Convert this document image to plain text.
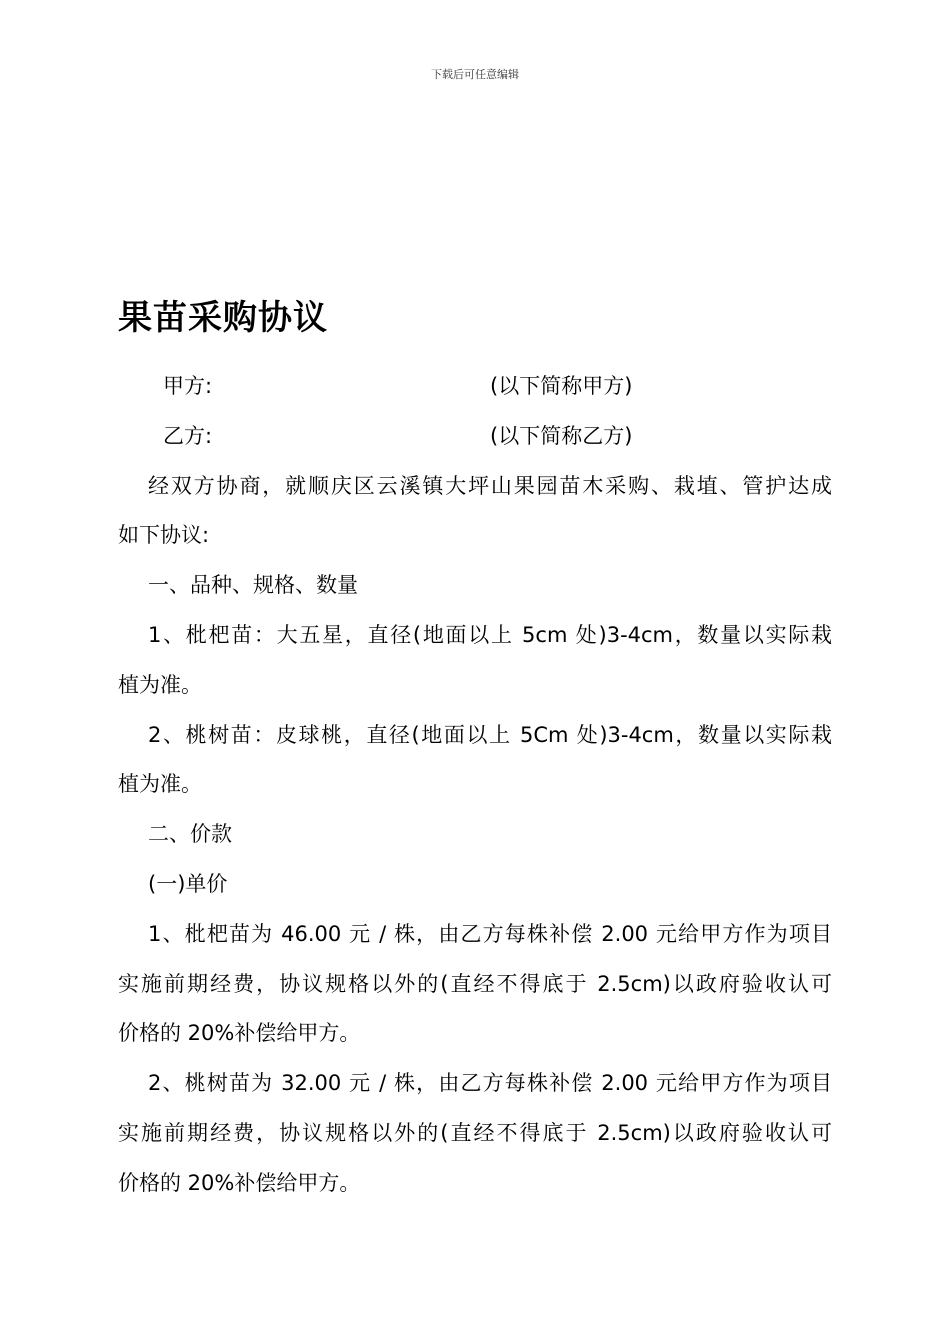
下载后可任意编辑
果苗采购协议
甲方:	(以下简称甲方)
乙方:	(以下简称乙方)
经双方协商，就顺庆区云溪镇大坪山果园苗木采购、栽埴、管护达成
如下协议:
一、品种、规格、数量
1、枇杷苗：大五星，直径(地面以上 5cm 处)3-4cm，数量以实际栽
植为准。
2、桃树苗：皮球桃，直径(地面以上 5Cm 处)3-4cm，数量以实际栽
植为准。
二、价款
(一)单价
1、枇杷苗为 46.00 元 / 株，由乙方每株补偿 2.00 元给甲方作为项目
实施前期经费，协议规格以外的(直经不得底于 2.5cm)以政府验收认可
价格的 20%补偿给甲方。
2、桃树苗为 32.00 元 / 株，由乙方每株补偿 2.00 元给甲方作为项目
实施前期经费，协议规格以外的(直经不得底于 2.5cm)以政府验收认可
价格的 20%补偿给甲方。
